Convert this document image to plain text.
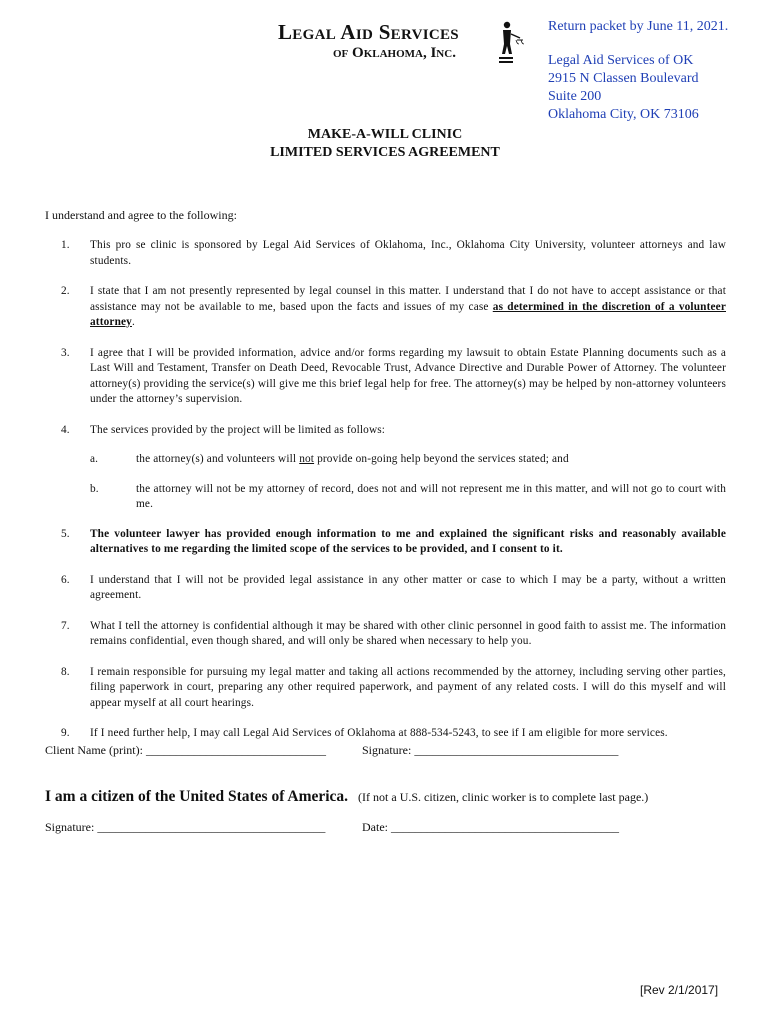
Legal Aid Services
of Oklahoma, Inc.
Return packet by June 11, 2021.
Legal Aid Services of OK
2915 N Classen Boulevard
Suite 200
Oklahoma City, OK 73106
MAKE-A-WILL CLINIC
LIMITED SERVICES AGREEMENT
I understand and agree to the following:
1. This pro se clinic is sponsored by Legal Aid Services of Oklahoma, Inc., Oklahoma City University, volunteer attorneys and law students.
2. I state that I am not presently represented by legal counsel in this matter. I understand that I do not have to accept assistance or that assistance may not be available to me, based upon the facts and issues of my case as determined in the discretion of a volunteer attorney.
3. I agree that I will be provided information, advice and/or forms regarding my lawsuit to obtain Estate Planning documents such as a Last Will and Testament, Transfer on Death Deed, Revocable Trust, Advance Directive and Durable Power of Attorney. The volunteer attorney(s) providing the service(s) will give me this brief legal help for free. The attorney(s) may be helped by non-attorney volunteers under the attorney’s supervision.
4. The services provided by the project will be limited as follows:
a.	the attorney(s) and volunteers will not provide on-going help beyond the services stated; and
b.	the attorney will not be my attorney of record, does not and will not represent me in this matter, and will not go to court with me.
5. The volunteer lawyer has provided enough information to me and explained the significant risks and reasonably available alternatives to me regarding the limited scope of the services to be provided, and I consent to it.
6. I understand that I will not be provided legal assistance in any other matter or case to which I may be a party, without a written agreement.
7. What I tell the attorney is confidential although it may be shared with other clinic personnel in good faith to assist me. The information remains confidential, even though shared, and will only be shared when necessary to help you.
8. I remain responsible for pursuing my legal matter and taking all actions recommended by the attorney, including serving other parties, filing paperwork in court, preparing any other required paperwork, and payment of any related costs. I will do this myself and will appear myself at all court hearings.
9. If I need further help, I may call Legal Aid Services of Oklahoma at 888-534-5243, to see if I am eligible for more services.
Client Name (print): ______________________________	Signature: __________________________________
I am a citizen of the United States of America. (If not a U.S. citizen, clinic worker is to complete last page.)
Signature: ______________________________________	Date: ______________________________________
[Rev 2/1/2017]
